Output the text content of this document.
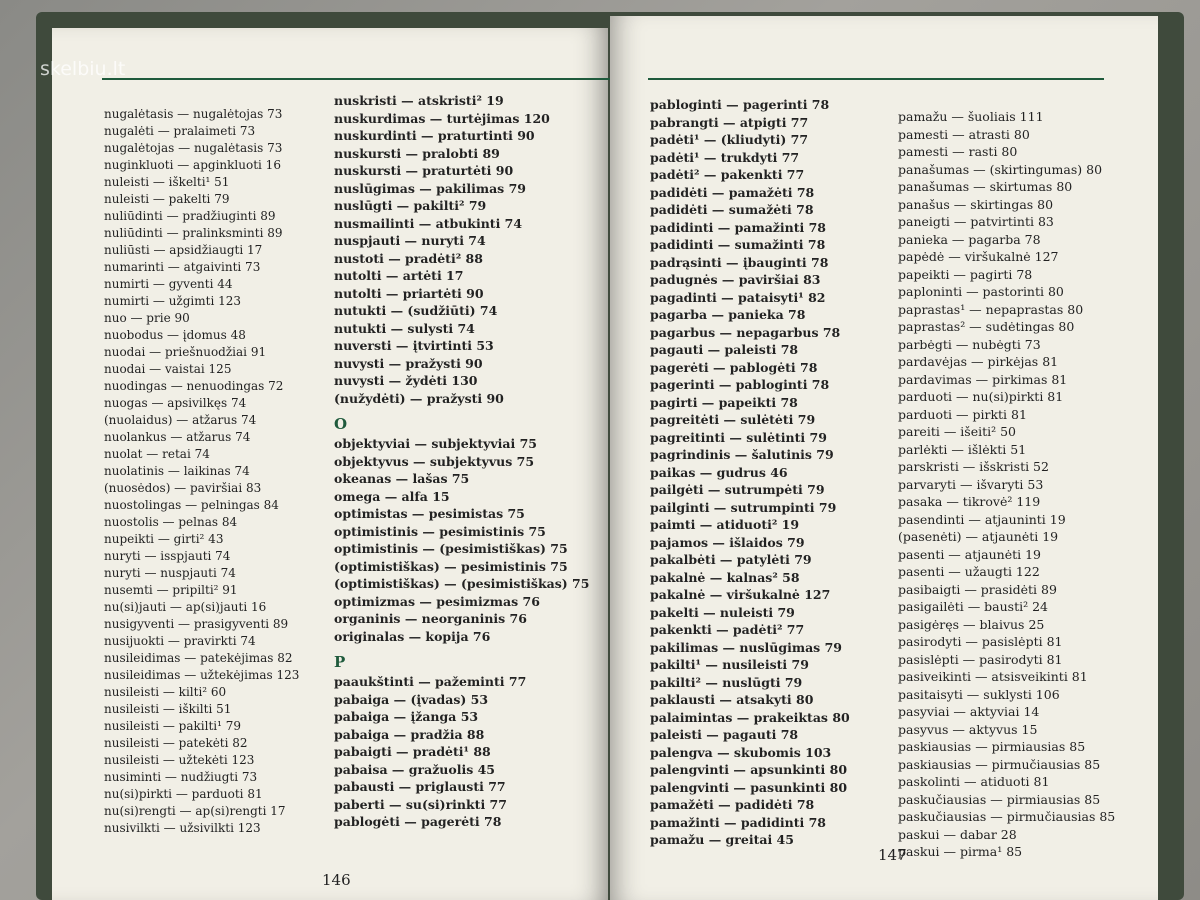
nugalėtasis — nugalėtojas 73
nugalėti — pralaimeti 73
nugalėtojas — nugalėtasis 73
nuginkluoti — apginkluoti 16
nuleisti — iškelti¹ 51
nuleisti — pakelti 79
nuliūdinti — pradžiuginti 89
nuliūdinti — pralinksminti 89
nuliūsti — apsidžiaugti 17
numarinti — atgaivinti 73
numirti — gyventi 44
numirti — užgimti 123
nuo — prie 90
nuobodus — įdomus 48
nuodai — priešnuodžiai 91
nuodai — vaistai 125
nuodingas — nenuodingas 72
nuogas — apsivilkęs 74
(nuolaidus) — atžarus 74
nuolankus — atžarus 74
nuolat — retai 74
nuolatinis — laikinas 74
(nuosėdos) — paviršiai 83
nuostolingas — pelningas 84
nuostolis — pelnas 84
nupeikti — girti² 43
nuryti — isspjauti 74
nuryti — nuspjauti 74
nusemti — pripilti² 91
nu(si)jauti — ap(si)jauti 16
nusigyventi — prasigyventi 89
nusijuokti — pravirkti 74
nusileidimas — patekėjimas 82
nusileidimas — užtekėjimas 123
nusileisti — kilti² 60
nusileisti — iškilti 51
nusileisti — pakilti¹ 79
nusileisti — patekėti 82
nusileisti — užtekėti 123
nusiminti — nudžiugti 73
nu(si)pirkti — parduoti 81
nu(si)rengti — ap(si)rengti 17
nusivilkti — užsivilkti 123
nuskristi — atskristi² 19
nuskurdimas — turtėjimas 120
nuskurdinti — praturtinti 90
nuskursti — pralobti 89
nuskursti — praturtėti 90
nuslūgimas — pakilimas 79
nuslūgti — pakilti² 79
nusmailinti — atbukinti 74
nuspjauti — nuryti 74
nustoti — pradėti² 88
nutolti — artėti 17
nutolti — priartėti 90
nutukti — (sudžiūti) 74
nutukti — sulysti 74
nuversti — įtvirtinti 53
nuvysti — pražysti 90
nuvysti — žydėti 130
(nužydėti) — pražysti 90
O
objektyviai — subjektyviai 75
objektyvus — subjektyvus 75
okeanas — lašas 75
omega — alfa 15
optimistas — pesimistas 75
optimistinis — pesimistinis 75
optimistinis — (pesimistiškas) 75
(optimistiškas) — pesimistinis 75
(optimistiškas) — (pesimistiškas) 75
optimizmas — pesimizmas 76
organinis — neorganinis 76
originalas — kopija 76
P
paaukštinti — pažeminti 77
pabaiga — (įvadas) 53
pabaiga — įžanga 53
pabaiga — pradžia 88
pabaigti — pradėti¹ 88
pabaisa — gražuolis 45
pabausti — priglausti 77
paberti — su(si)rinkti 77
pablogėti — pagerėti 78
146
pabloginti — pagerinti 78
pabrangti — atpigti 77
padėti¹ — (kliudyti) 77
padėti¹ — trukdyti 77
padėti² — pakenkti 77
padidėti — pamažėti 78
padidėti — sumažėti 78
padidinti — pamažinti 78
padidinti — sumažinti 78
padrąsinti — įbauginti 78
padugnės — paviršiai 83
pagadinti — pataisyti¹ 82
pagarba — panieka 78
pagarbus — nepagarbus 78
pagauti — paleisti 78
pagerėti — pablogėti 78
pagerinti — pabloginti 78
pagirti — papeikti 78
pagreitėti — sulėtėti 79
pagreitinti — sulėtinti 79
pagrindinis — šalutinis 79
paikas — gudrus 46
pailgėti — sutrumpėti 79
pailginti — sutrumpinti 79
paimti — atiduoti² 19
pajamos — išlaidos 79
pakalbėti — patylėti 79
pakalnė — kalnas² 58
pakalnė — viršukalnė 127
pakelti — nuleisti 79
pakenkti — padėti² 77
pakilimas — nuslūgimas 79
pakilti¹ — nusileisti 79
pakilti² — nuslūgti 79
paklausti — atsakyti 80
palaimintas — prakeiktas 80
paleisti — pagauti 78
palengva — skubomis 103
palengvinti — apsunkinti 80
palengvinti — pasunkinti 80
pamažėti — padidėti 78
pamažinti — padidinti 78
pamažu — greitai 45
pamažu — šuoliais 111
pamesti — atrasti 80
pamesti — rasti 80
panašumas — (skirtingumas) 80
panašumas — skirtumas 80
panašus — skirtingas 80
paneigti — patvirtinti 83
panieka — pagarba 78
papėdė — viršukalnė 127
papeikti — pagirti 78
paploninti — pastorinti 80
paprastas¹ — nepaprastas 80
paprastas² — sudėtingas 80
parbėgti — nubėgti 73
pardavėjas — pirkėjas 81
pardavimas — pirkimas 81
parduoti — nu(si)pirkti 81
parduoti — pirkti 81
pareiti — išeiti² 50
parlėkti — išlėkti 51
parskristi — išskristi 52
parvaryti — išvaryti 53
pasaka — tikrovė² 119
pasendinti — atjauninti 19
(pasenėti) — atjaunėti 19
pasenti — atjaunėti 19
pasenti — užaugti 122
pasibaigti — prasidėti 89
pasigailėti — bausti² 24
pasigėręs — blaivus 25
pasirodyti — pasislėpti 81
pasislėpti — pasirodyti 81
pasiveikinti — atsisveikinti 81
pasitaisyti — suklysti 106
pasyviai — aktyviai 14
pasyvus — aktyvus 15
paskiausias — pirmiausias 85
paskiausias — pirmučiausias 85
paskolinti — atiduoti 81
paskučiausias — pirmiausias 85
paskučiausias — pirmučiausias 85
paskui — dabar 28
paskui — pirma¹ 85
147
skelbiu.lt
